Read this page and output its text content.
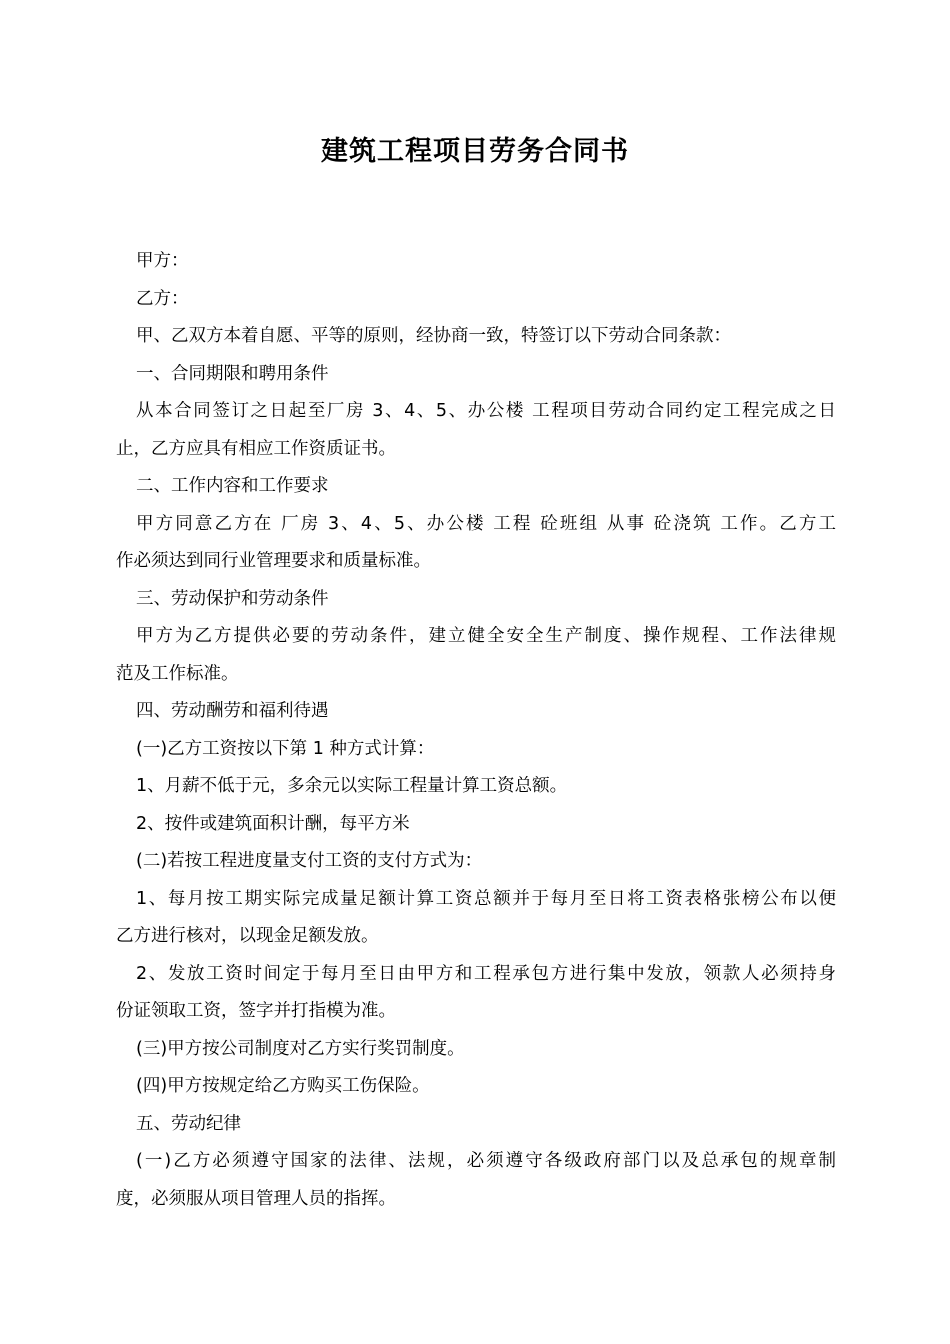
建筑工程项目劳务合同书
甲方：
乙方：
甲、乙双方本着自愿、平等的原则，经协商一致，特签订以下劳动合同条款：
一、合同期限和聘用条件
从本合同签订之日起至厂房 3、4、5、办公楼 工程项目劳动合同约定工程完成之日
止，乙方应具有相应工作资质证书。
二、工作内容和工作要求
甲方同意乙方在 厂房 3、4、5、办公楼 工程 砼班组 从事 砼浇筑 工作。乙方工
作必须达到同行业管理要求和质量标准。
三、劳动保护和劳动条件
甲方为乙方提供必要的劳动条件，建立健全安全生产制度、操作规程、工作法律规
范及工作标准。
四、劳动酬劳和福利待遇
(一)乙方工资按以下第 1 种方式计算：
1、月薪不低于元，多余元以实际工程量计算工资总额。
2、按件或建筑面积计酬，每平方米
(二)若按工程进度量支付工资的支付方式为：
1、每月按工期实际完成量足额计算工资总额并于每月至日将工资表格张榜公布以便
乙方进行核对，以现金足额发放。
2、发放工资时间定于每月至日由甲方和工程承包方进行集中发放，领款人必须持身
份证领取工资，签字并打指模为准。
(三)甲方按公司制度对乙方实行奖罚制度。
(四)甲方按规定给乙方购买工伤保险。
五、劳动纪律
(一)乙方必须遵守国家的法律、法规，必须遵守各级政府部门以及总承包的规章制
度，必须服从项目管理人员的指挥。
